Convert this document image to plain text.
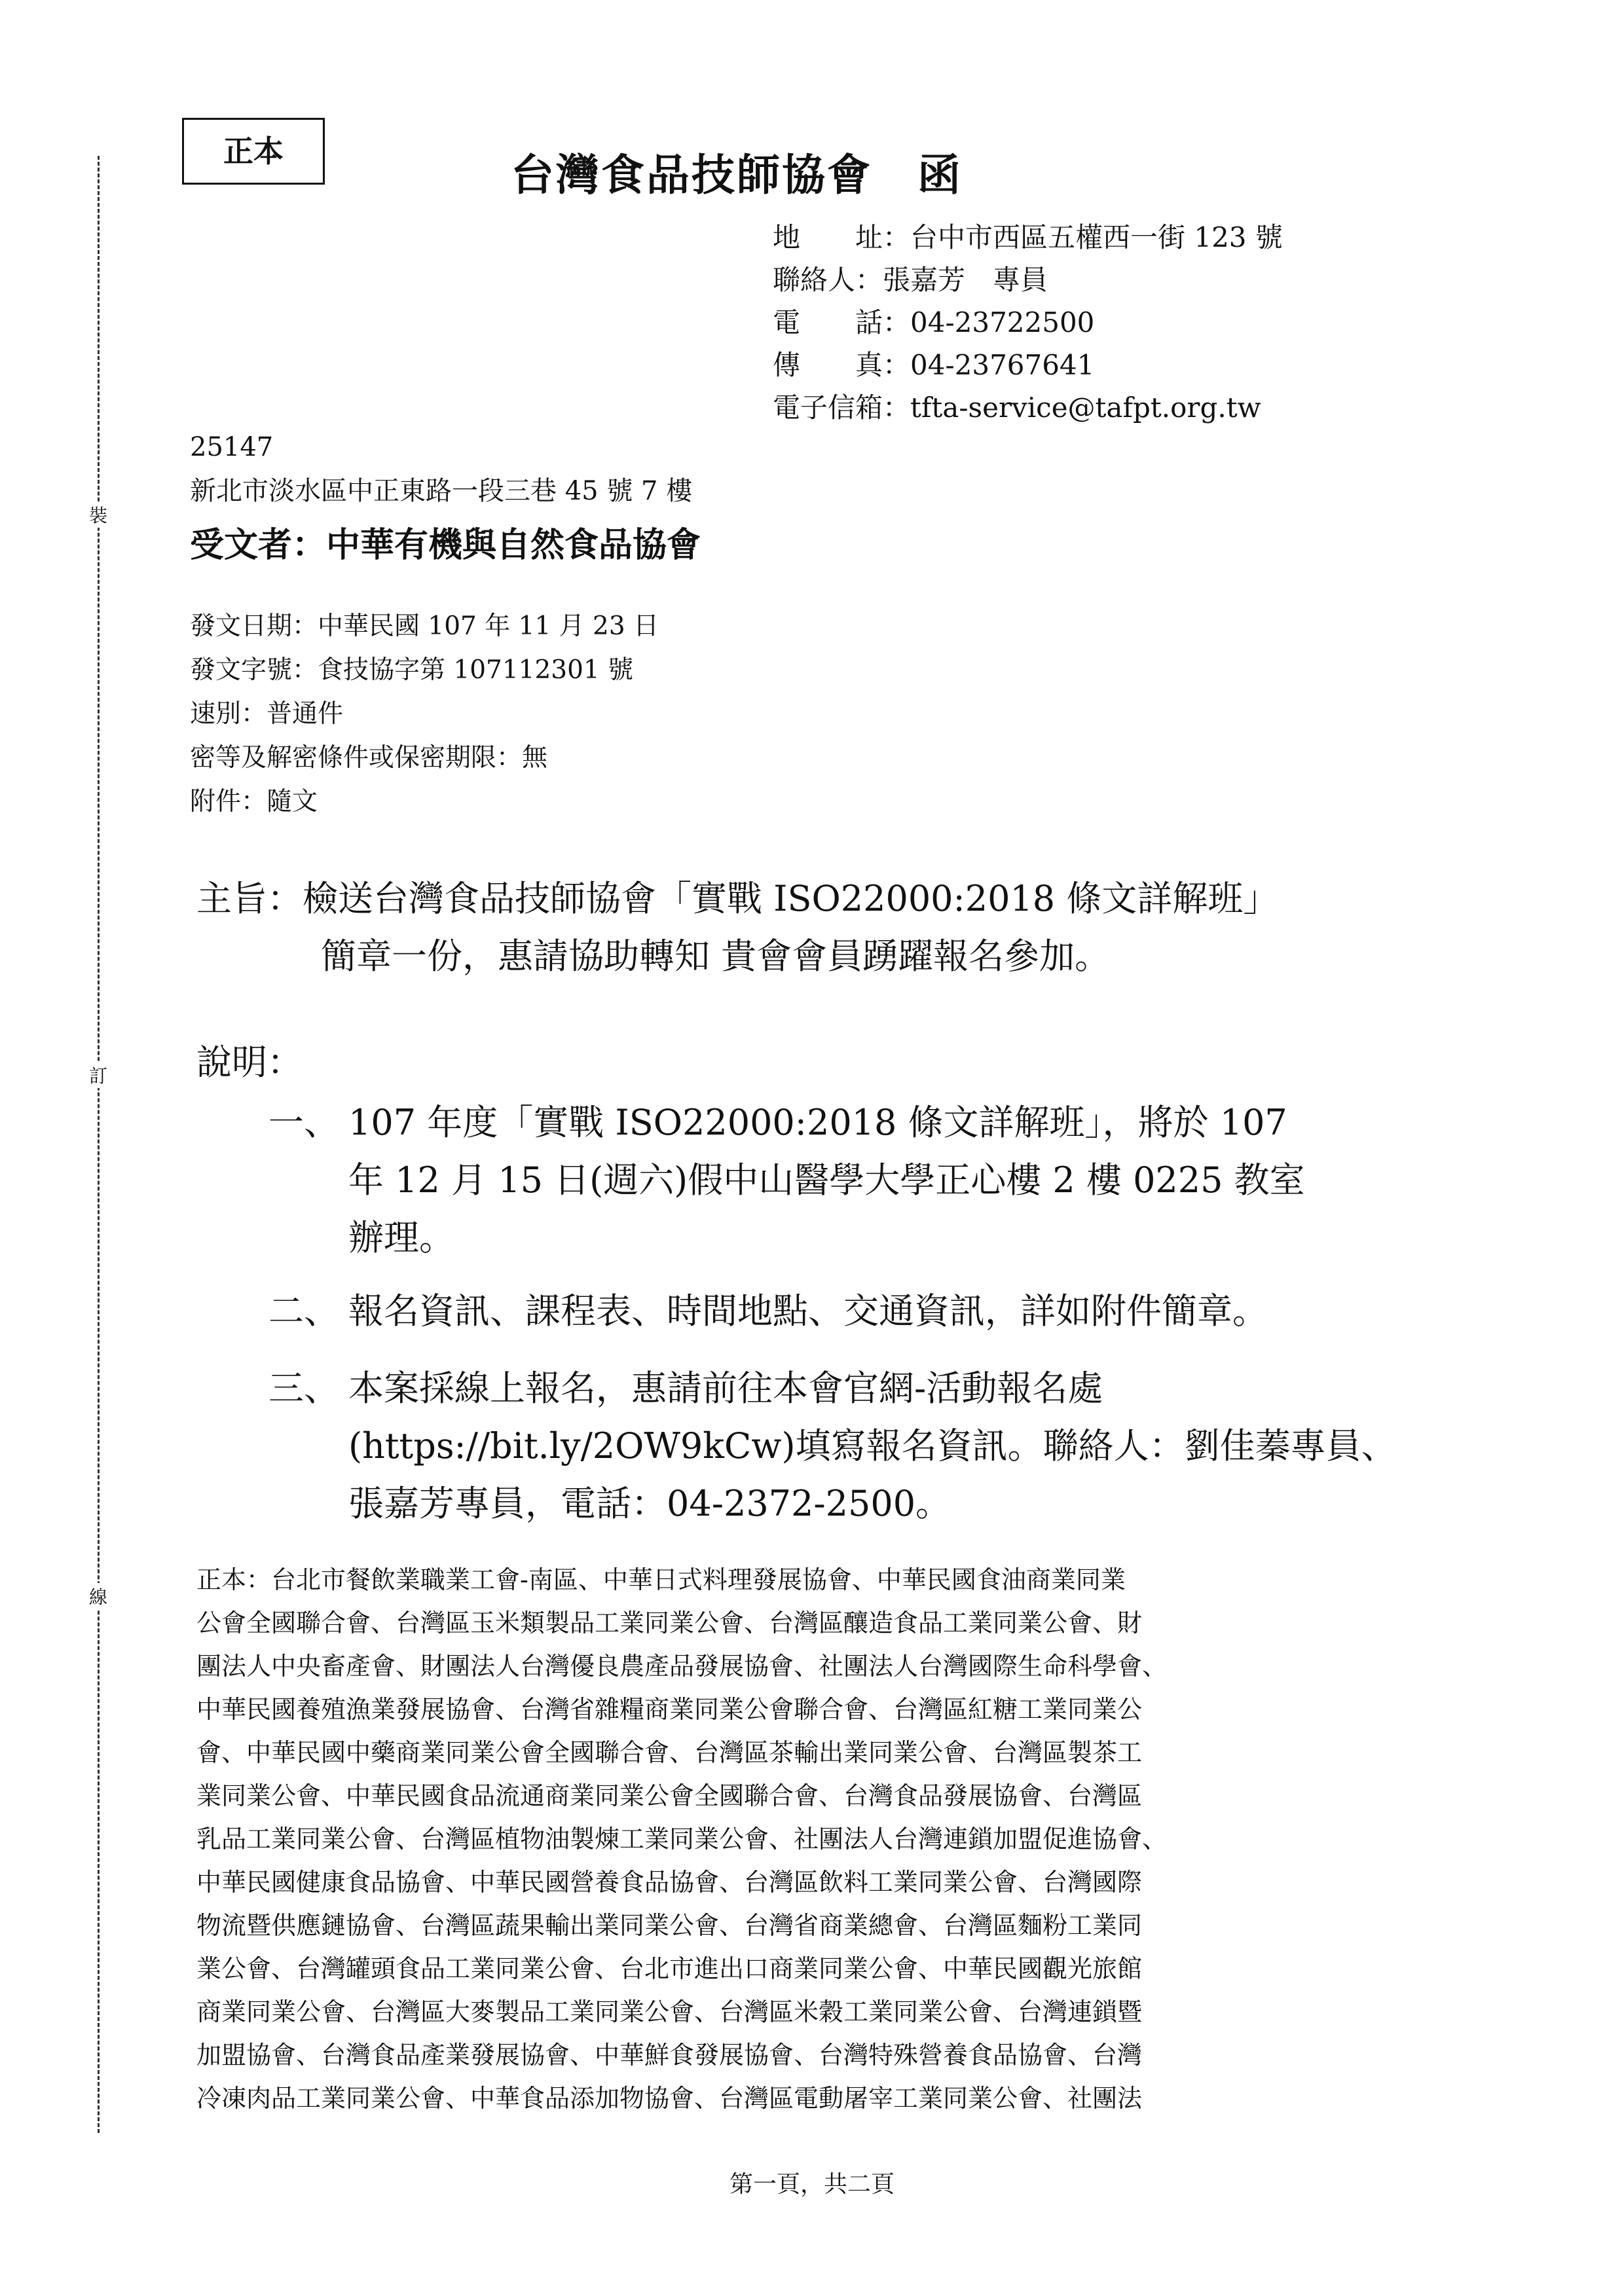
裝
訂
線
正本	台灣食品技師協會　函
地　　址：台中市西區五權西一街 123 號
聯絡人：張嘉芳　專員
電　　話：04-23722500
傳　　真：04-23767641
電子信箱：tfta-service@tafpt.org.tw
25147
新北市淡水區中正東路一段三巷 45 號 7 樓
受文者：中華有機與自然食品協會
發文日期：中華民國 107 年 11 月 23 日
發文字號：食技協字第 107112301 號
速別：普通件
密等及解密條件或保密期限：無
附件：隨文
主旨：檢送台灣食品技師協會「實戰 ISO22000:2018 條文詳解班」
簡章一份，惠請協助轉知 貴會會員踴躍報名參加。
說明：
一、 107 年度「實戰 ISO22000:2018 條文詳解班」，將於 107
年 12 月 15 日(週六)假中山醫學大學正心樓 2 樓 0225 教室
辦理。
二、 報名資訊、課程表、時間地點、交通資訊，詳如附件簡章。
三、 本案採線上報名，惠請前往本會官網-活動報名處
(https://bit.ly/2OW9kCw)填寫報名資訊。聯絡人：劉佳蓁專員、
張嘉芳專員，電話：04-2372-2500。
正本：台北市餐飲業職業工會-南區、中華日式料理發展協會、中華民國食油商業同業
公會全國聯合會、台灣區玉米類製品工業同業公會、台灣區釀造食品工業同業公會、財
團法人中央畜產會、財團法人台灣優良農產品發展協會、社團法人台灣國際生命科學會、
中華民國養殖漁業發展協會、台灣省雜糧商業同業公會聯合會、台灣區紅糖工業同業公
會、中華民國中藥商業同業公會全國聯合會、台灣區茶輸出業同業公會、台灣區製茶工
業同業公會、中華民國食品流通商業同業公會全國聯合會、台灣食品發展協會、台灣區
乳品工業同業公會、台灣區植物油製煉工業同業公會、社團法人台灣連鎖加盟促進協會、
中華民國健康食品協會、中華民國營養食品協會、台灣區飲料工業同業公會、台灣國際
物流暨供應鏈協會、台灣區蔬果輸出業同業公會、台灣省商業總會、台灣區麵粉工業同
業公會、台灣罐頭食品工業同業公會、台北市進出口商業同業公會、中華民國觀光旅館
商業同業公會、台灣區大麥製品工業同業公會、台灣區米穀工業同業公會、台灣連鎖暨
加盟協會、台灣食品產業發展協會、中華鮮食發展協會、台灣特殊營養食品協會、台灣
冷凍肉品工業同業公會、中華食品添加物協會、台灣區電動屠宰工業同業公會、社團法
第一頁，共二頁
